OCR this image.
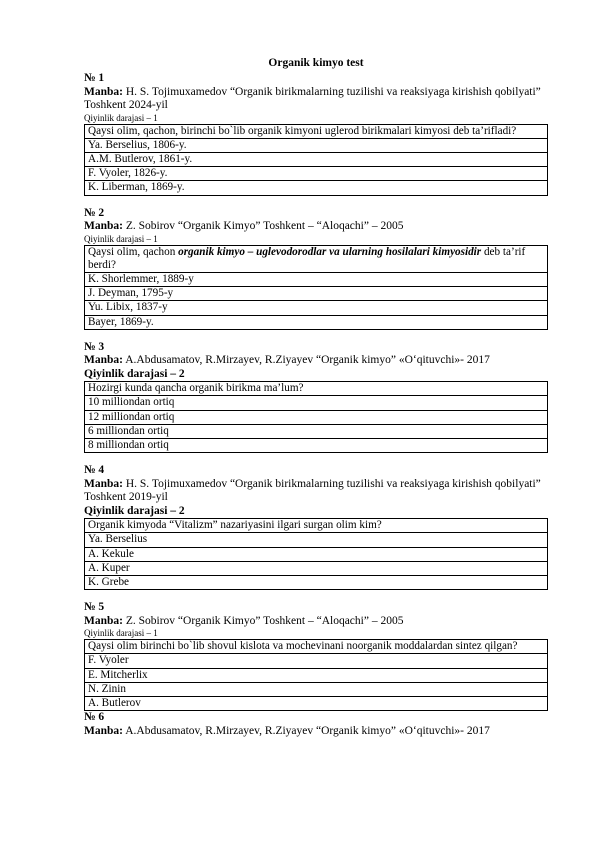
Organik kimyo test
№ 1
Manba: H. S. Tojimuxamedov “Organik birikmalarning tuzilishi va reaksiyaga kirishish qobilyati” Toshkent 2024-yil
Qiyinlik darajasi – 1
Qaysi olim, qachon, birinchi bo`lib organik kimyoni uglerod birikmalari kimyosi deb ta’rifladi?
Ya. Berselius, 1806-y.
A.M. Butlerov, 1861-y.
F. Vyoler, 1826-y.
K. Liberman, 1869-y.
№ 2
Manba: Z. Sobirov “Organik Kimyo” Toshkent – “Aloqachi” – 2005
Qiyinlik darajasi – 1
Qaysi olim, qachon organik kimyo – uglevodorodlar va ularning hosilalari kimyosidir deb ta’rif berdi?
K. Shorlemmer, 1889-y
J. Deyman, 1795-y
Yu. Libix, 1837-y
Bayer, 1869-y.
№ 3
Manba: A.Abdusamatov, R.Mirzayev, R.Ziyayev “Organik kimyo” «O‘qituvchi»- 2017
Qiyinlik darajasi – 2
Hozirgi kunda qancha organik birikma ma’lum?
10 milliondan ortiq
12 milliondan ortiq
6 milliondan ortiq
8 milliondan ortiq
№ 4
Manba: H. S. Tojimuxamedov “Organik birikmalarning tuzilishi va reaksiyaga kirishish qobilyati” Toshkent 2019-yil
Qiyinlik darajasi – 2
Organik kimyoda “Vitalizm” nazariyasini ilgari surgan olim kim?
Ya. Berselius
A. Kekule
A. Kuper
K. Grebe
№ 5
Manba: Z. Sobirov “Organik Kimyo” Toshkent – “Aloqachi” – 2005
Qiyinlik darajasi – 1
Qaysi olim birinchi bo`lib shovul kislota va mochevinani noorganik moddalardan sintez qilgan?
F. Vyoler
E. Mitcherlix
N. Zinin
A. Butlerov
№ 6
Manba: A.Abdusamatov, R.Mirzayev, R.Ziyayev “Organik kimyo” «O‘qituvchi»- 2017
